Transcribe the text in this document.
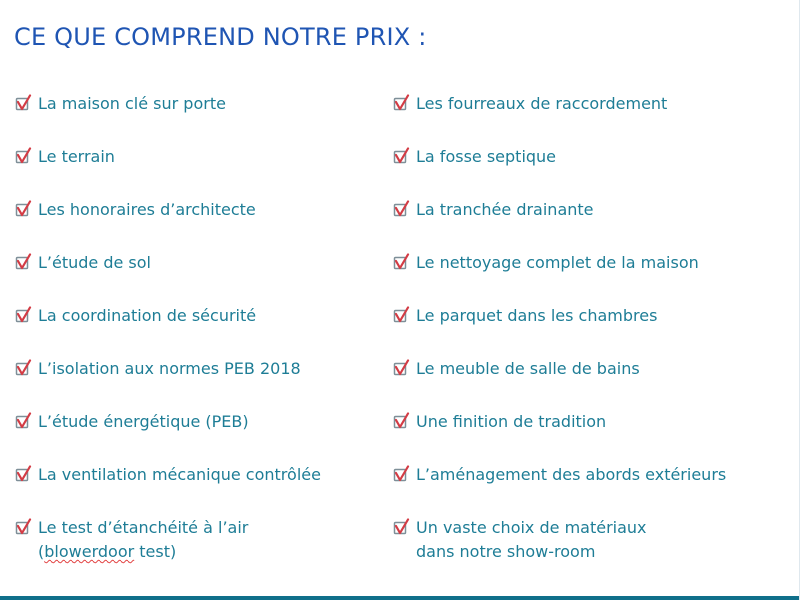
CE QUE COMPREND NOTRE PRIX :
La maison clé sur porte
Le terrain
Les honoraires d’architecte
L’étude de sol
La coordination de sécurité
L’isolation aux normes PEB 2018
L’étude énergétique (PEB)
La ventilation mécanique contrôlée
Le test d’étanchéité à l’air
(blowerdoor test)
Les fourreaux de raccordement
La fosse septique
La tranchée drainante
Le nettoyage complet de la maison
Le parquet dans les chambres
Le meuble de salle de bains
Une finition de tradition
L’aménagement des abords extérieurs
Un vaste choix de matériaux
dans notre show-room
